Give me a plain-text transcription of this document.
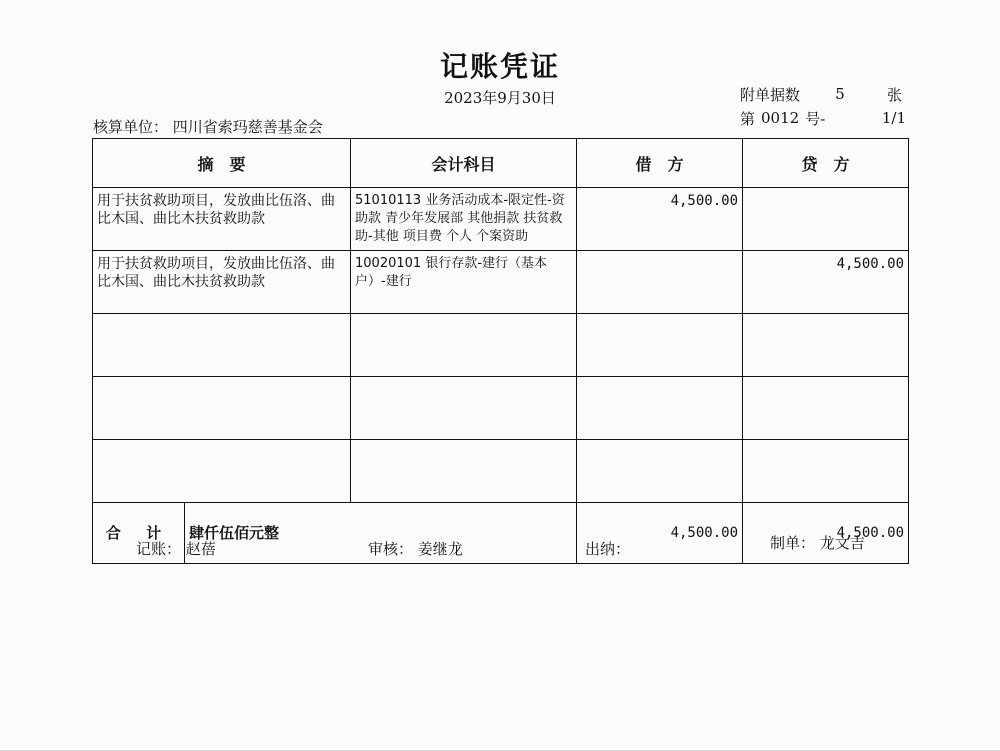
记账凭证
2023年9月30日
核算单位： 四川省索玛慈善基金会
附单据数	5	张
第 0012 号-	1/1
摘　要		会计科目	借　方	贷　方
用于扶贫救助项目，发放曲比伍洛、曲比木国、曲比木扶贫救助款		51010113 业务活动成本-限定性-资助款 青少年发展部 其他捐款 扶贫救助-其他 项目费 个人 个案资助	4,500.00	
用于扶贫救助项目，发放曲比伍洛、曲比木国、曲比木扶贫救助款		10020101 银行存款-建行（基本户）-建行		4,500.00

合 计	肆仟伍佰元整		4,500.00	4,500.00
记账： 赵蓓	审核： 姜继龙	出纳：	制单： 龙文吉
